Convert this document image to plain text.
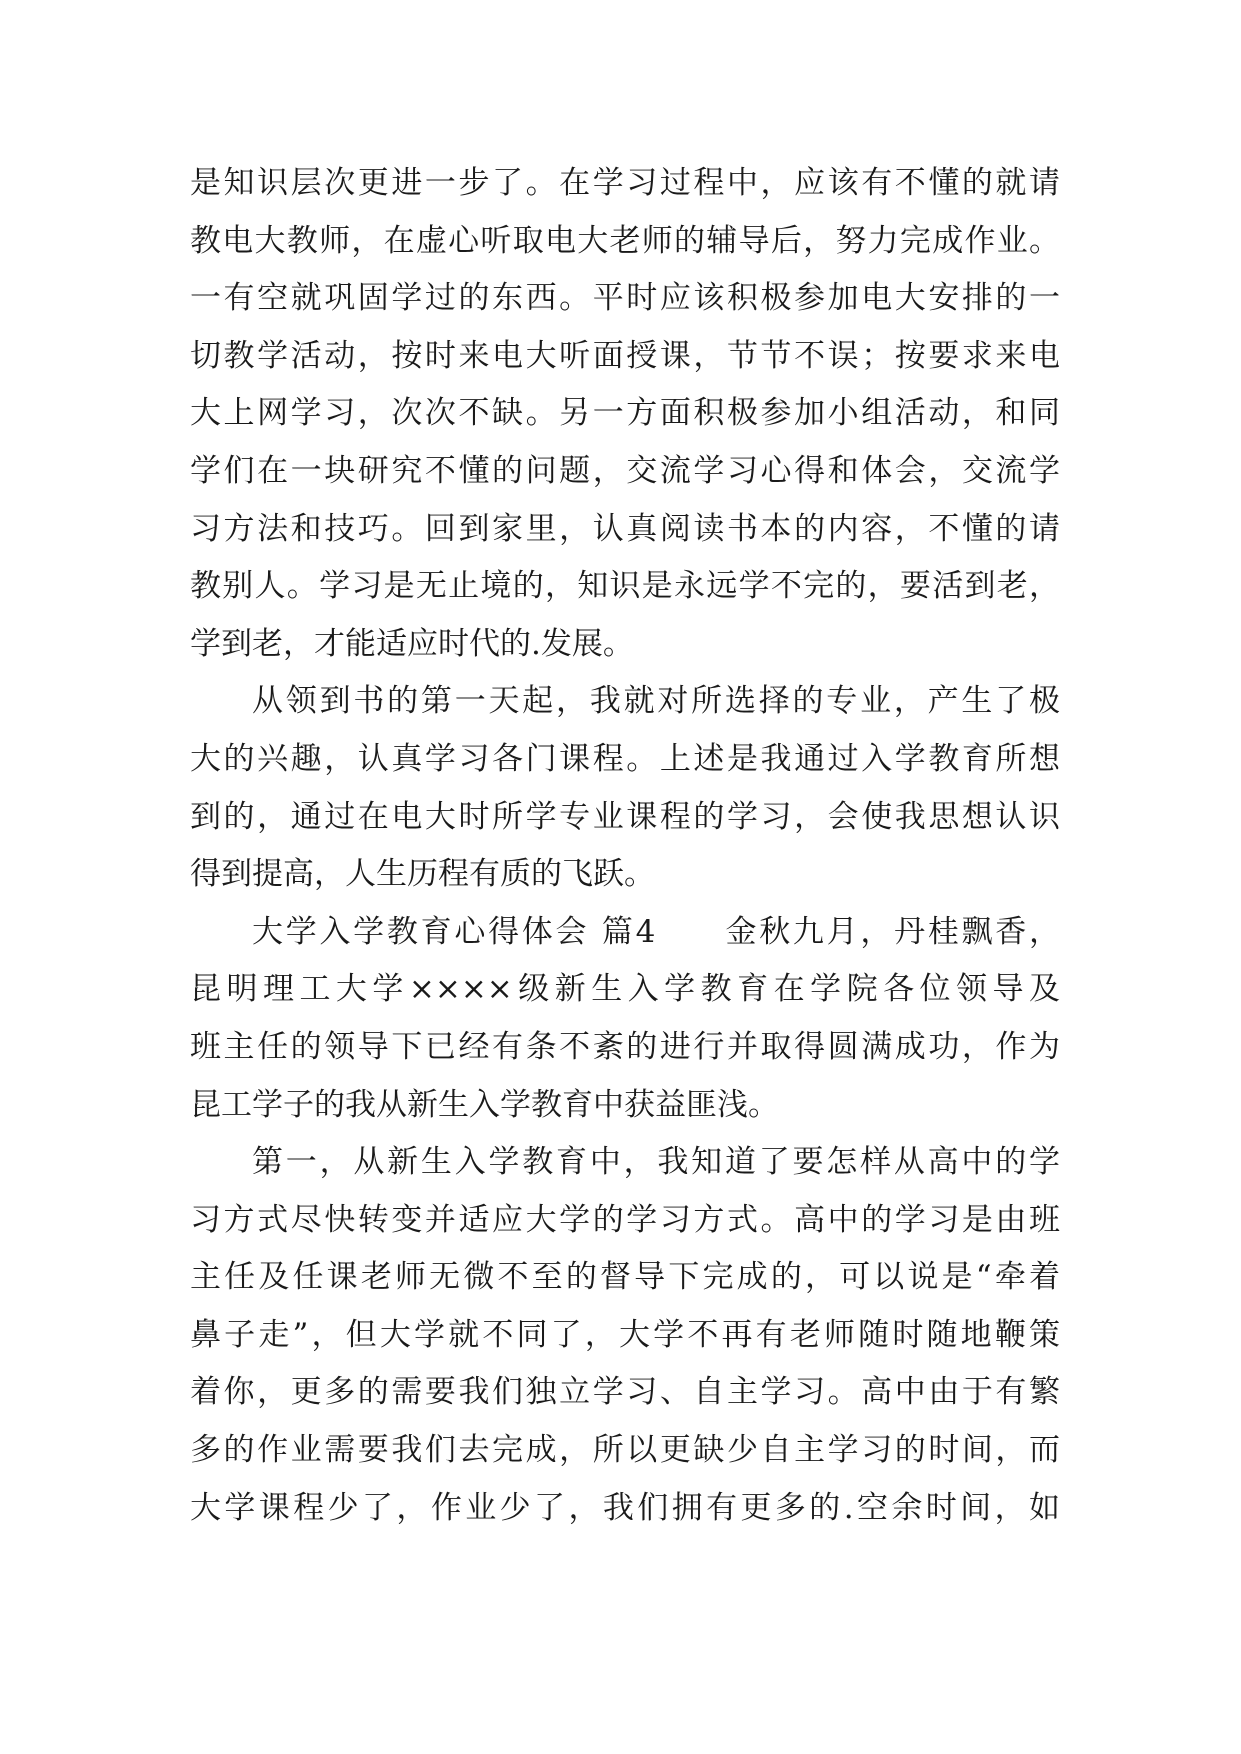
是知识层次更进一步了。在学习过程中，应该有不懂的就请
教电大教师，在虚心听取电大老师的辅导后，努力完成作业。
一有空就巩固学过的东西。平时应该积极参加电大安排的一
切教学活动，按时来电大听面授课，节节不误；按要求来电
大上网学习，次次不缺。另一方面积极参加小组活动，和同
学们在一块研究不懂的问题，交流学习心得和体会，交流学
习方法和技巧。回到家里，认真阅读书本的内容，不懂的请
教别人。学习是无止境的，知识是永远学不完的，要活到老，
学到老，才能适应时代的.发展。
从领到书的第一天起，我就对所选择的专业，产生了极
大的兴趣，认真学习各门课程。上述是我通过入学教育所想
到的，通过在电大时所学专业课程的学习，会使我思想认识
得到提高，人生历程有质的飞跃。
大学入学教育心得体会 篇4　　金秋九月，丹桂飘香，
昆明理工大学××××级新生入学教育在学院各位领导及
班主任的领导下已经有条不紊的进行并取得圆满成功，作为
昆工学子的我从新生入学教育中获益匪浅。
第一，从新生入学教育中，我知道了要怎样从高中的学
习方式尽快转变并适应大学的学习方式。高中的学习是由班
主任及任课老师无微不至的督导下完成的，可以说是“牵着
鼻子走”，但大学就不同了，大学不再有老师随时随地鞭策
着你，更多的需要我们独立学习、自主学习。高中由于有繁
多的作业需要我们去完成，所以更缺少自主学习的时间，而
大学课程少了，作业少了，我们拥有更多的.空余时间，如
